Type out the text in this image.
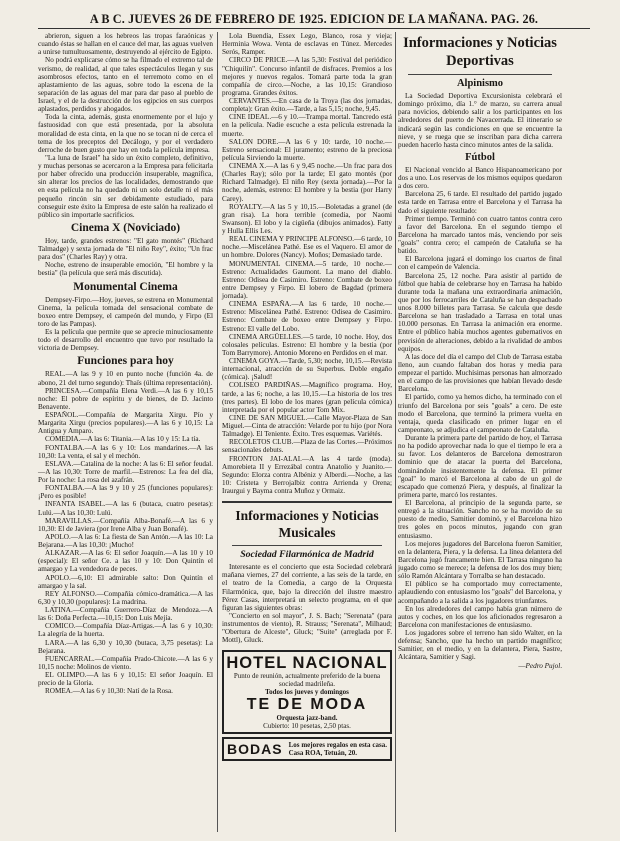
A B C. JUEVES 26 DE FEBRERO DE 1925. EDICION DE LA MAÑANA. PAG. 26.

abrieron, siguen a los hebreos las tropas faraónicas y cuando éstas se hallan en el cauce del mar, las aguas vuelven a unirse tumultuosamente, destruyendo al ejército de Egipto.

No podrá explicarse cómo se ha filmado el extremo tal de verismo, de realidad, al que tales espectáculos llegan y sus asombrosos efectos, tanto en el terremoto como en el aplastamiento de las aguas, sobre todo la escena de la separación de las aguas del mar para dar paso al pueblo de Israel, y el de la destrucción de los egipcios en sus cuerpos aplastados, perdidos y ahogados.

Toda la cinta, además, gusta enormemente por el lujo y fastuosidad con que está presentada, por la absoluta moralidad de esta cinta, en la que no se tocan ni de cerca el tema de los preceptos del Decálogo, y por el verdadero derroche de buen gusto que hay en toda la película impresa.

"La luna de Israel" ha sido un éxito completo, definitivo, y muchas personas se acercaron a la Empresa para felicitarla por haber ofrecido una producción insuperable, magnífica, sin alterar los precios de las localidades, demostrando que en esta película no ha quedado ni un solo detalle ni el más pequeño rincón sin ser debidamente estudiado, para conseguir este éxito la Empresa de este salón ha realizado el público sin importarle sacrificios.

Cinema X (Noviciado)

Hoy, tarde, grandes estrenos: "El gato montés" (Richard Talmadge) y sexta jornada de "El niño Rey", éxito; "Un frac para dos" (Charles Ray) y otra.

Noche, estreno de insuperable emoción, "El hombre y la bestia" (la película que será más discutida).

Monumental Cinema

Dempsey-Firpo.—Hoy, jueves, se estrena en Monumental Cinema, la película tomada del sensacional combate de boxeo entre Dempsey, el campeón del mundo, y Firpo (El toro de las Pampas).

Es la película que permite que se aprecie minuciosamente todo el desarrollo del encuentro que tuvo por resultado la victoria de Dempsey.

Funciones para hoy

REAL.—A las 9 y 10 en punto noche (función 4a. de abono, 21 del turno segundo): Thaïs (última representación).

PRINCESA.—Compañía Elena Verdi.—A las 6 y 10,15 noche: El pobre de espíritu y de bienes, de D. Jacinto Benavente.

ESPAÑOL.—Compañía de Margarita Xirgu. Pío y Margarita Xirgu (precios populares).—A las 6 y 10,15: La Antigua y Amparo.

COMEDIA.—A las 6: Titania.—A las 10 y 15: La tía.

FONTALBA.—A las 6 y 10: Los mandarines.—A las 10,30: La venta, el sal y el mechón.

ESLAVA.—Catalina de la noche: A las 6: El señor feudal.—A las 10,30: Torre de marfil.—Estrenos: La fea del día, Por la noche: La rosa del azafrán.

FONTALBA.—A las 9 y 10 y 25 (funciones populares): ¡Pero es posible!

INFANTA ISABEL.—A las 6 (butaca, cuatro pesetas): Lulú.—A las 10,30: Lulú.

MARAVILLAS.—Compañía Alba-Bonafé.—A las 6 y 10,30: El de Javiera (por Irene Alba y Juan Bonafé).

APOLO.—A las 6: La fiesta de San Antón.—A las 10: La Bejarana.—A las 10,30: ¡Mucho!

ALKAZAR.—A las 6: El señor Joaquín.—A las 10 y 10 (especial): El señor Ce. a las 10 y 10: Don Quintín el amargao y La vendedora de peces.

APOLO.—6,10: El admirable salto: Don Quintín el amargao y la sal.

REY ALFONSO.—Compañía cómico-dramática.—A las 6,30 y 10,30 (populares): La madrina.

LATINA.—Compañía Guerrero-Díaz de Mendoza.—A las 6: Doña Perfecta.—10,15: Don Luis Mejía.

COMICO.—Compañía Díaz-Artigas.—A las 6 y 10,30: La alegría de la huerta.

LARA.—A las 6,30 y 10,30 (butaca, 3,75 pesetas): La Bejarana.

FUENCARRAL.—Compañía Prado-Chicote.—A las 6 y 10,15 noche: Molinos de viento.

EL OLIMPO.—A las 6 y 10,15: El señor Joaquín. El precio de la Gloria.

ROMEA.—A las 6 y 10,30: Natí de la Rosa.

Lola Buendía, Essex Lego, Blanco, rosa y vieja; Herminia Wowa. Venta de esclavas en Túnez. Mercedes Serós, Ramper.

CIRCO DE PRICE.—A las 5,30: Festival del periódico "Chiquilín". Concurso infantil de disfraces. Premios a los mejores y nuevos regalos. Tomará parte toda la gran compañía de circo.—Noche, a las 10,15: Grandioso programa. Grandes éxitos.

CERVANTES.—En casa de la Troya (las dos jornadas, completa): Gran éxito.—Tarde, a las 5,15; noche, 9,45.

CINE IDEAL.—6 y 10.—Trampa mortal. Tancredo está en la película. Nadie escuche a esta película estrenada la muerte.

SALON DORE.—A las 6 y 10: tarde, 10 noche.—Estreno sensacional: El juramento; estreno de la preciosa película Sirviendo la muerte.

CINEMA X.—A las 6 y 9,45 noche.—Un frac para dos (Charles Ray); sólo por la tarde; El gato montés (por Richard Talmadge). El niño Rey (sexta jornada).—Por la noche, además, estreno: El hombre y la bestia (por Harry Carey).

ROYALTY.—A las 5 y 10,15.—Boletadas a granel (de gran risa). La hora terrible (comedia, por Naomi Swanson). El lobo y la cigüeña (dibujos animados). Fatty y Hulla Ellis Les.

REAL CINEMA Y PRINCIPE ALFONSO.—6 tarde, 10 noche.—Miscelánea Pathé. Ese es el Vaquero. El amor de un hombre. Dolores (Nancy). Moños; Demasiado tarde.

MONUMENTAL CINEMA.—5 tarde, 10 noche.—Estreno: Actualidades Gaumont. La mano del diablo. Estreno: Odisea de Casimiro. Estreno: Combate de boxeo entre Dempsey y Firpo. El lobero de Bagdad (primera jornada).

CINEMA ESPAÑA.—A las 6 tarde, 10 noche.—Estreno: Miscelánea Pathé. Estreno: Odisea de Casimiro. Estreno: Combate de boxeo entre Dempsey y Firpo. Estreno: El valle del Lobo.

CINEMA ARGÜELLES.—5 tarde, 10 noche. Hoy, dos colosales películas. Estreno: El hombre y la bestia (por Tom Barrymore). Antonio Moreno en Perdidos en el mar.

CINEMA GOYA.—Tarde, 5,30; noche, 10,15.—Revista internacional, atracción de su Superbus. Doble engaño (cómica). ¡Salud!

COLISEO PARDIÑAS.—Magnífico programa. Hoy, tarde, a las 6; noche, a las 10,15.—La historia de los tres (tres partes). El lobo de los mares (gran película cómica) interpretada por el popular actor Tom Mix.

CINE DE SAN MIGUEL.—Calle Mayor-Plaza de San Miguel.—Cinta de atracción: Velarde por tu hijo (por Nora Talmadge). El Teniente. Éxito. Tres esquemas. Variétés.

RECOLETOS CLUB.—Plaza de las Cortes.—Próximos sensacionales debuts.

FRONTON JAI-ALAI.—A las 4 tarde (moda). Amorebieta II y Errezábal contra Anatolio y Juanito.—Segundo: Elorza contra Albéniz y Alberdi.—Noche, a las 10: Cristeta y Berrojalbiz contra Arrienda y Orena; Iraurgui y Bayma contra Muñoz y Ormaiz.

Informaciones y Noticias Musicales
Sociedad Filarmónica de Madrid

Interesante es el concierto que esta Sociedad celebrará mañana viernes, 27 del corriente, a las seis de la tarde, en el teatro de la Comedia, a cargo de la Orquesta Filarmónica, que, bajo la dirección del ilustre maestro Pérez Casas, interpretará un selecto programa, en el que figuran las siguientes obras:

"Concierto en sol mayor", J. S. Bach; "Serenata" (para instrumentos de viento), R. Strauss; "Serenata", Milhaud; "Obertura de Alceste", Gluck; "Suite" (arreglada por F. Mottl), Gluck.

HOTEL NACIONAL
Punto de reunión, actualmente preferido de la buena sociedad madrileña.
Todos los jueves y domingos
TE DE MODA
Orquesta jazz-band.
Cubierto: 10 pesetas, 2,50 ptas.
BODAS Los mejores regalos en esta casa. Casa ROA, Tetuán, 20.
Informaciones y Noticias Deportivas
Alpinismo

La Sociedad Deportiva Excursionista celebrará el domingo próximo, día 1.° de marzo, su carrera anual para novicios, debiendo salir a los participantes en los alrededores del puerto de Navacerrada. El itinerario se indicará según las condiciones en que se encuentre la nieve, y se ruega que se inscriban para dicha carrera pueden hacerlo hasta cinco minutos antes de la salida.

Fútbol

El Nacional vencido al Banco Hispanoamericano por dos a uno. Los reservas de los mismos equipos quedaron a dos cero.

Barcelona 25, 6 tarde. El resultado del partido jugado esta tarde en Tarrasa entre el Barcelona y el Tarrasa ha dado el siguiente resultado:

Primer tiempo. Terminó con cuatro tantos contra cero a favor del Barcelona. En el segundo tiempo el Barcelona ha marcado tantos más, venciendo por seis "goals" contra cero; el campeón de Cataluña se ha batido.

El Barcelona jugará el domingo los cuartos de final con el campeón de Valencia.

Barcelona 25, 12 noche. Para asistir al partido de fútbol que había de celebrarse hoy en Tarrasa ha habido durante toda la mañana una extraordinaria animación, que por los ferrocarriles de Cataluña se han despachado unos 8.000 billetes para Tarrasa. Se calcula que desde Barcelona se han trasladado a Tarrasa en total unas 10.000 personas. En Tarrasa la animación era enorme. Entre el público había muchos agentes gubernativos en previsión de alteraciones, debido a la rivalidad de ambos equipos.

A las doce del día el campo del Club de Tarrasa estaba lleno, aun cuando faltaban dos horas y media para empezar el partido. Muchísimas personas han almorzado en el campo de las provisiones que habían llevado desde Barcelona.

El partido, como ya hemos dicho, ha terminado con el triunfo del Barcelona por seis "goals" a cero. De este modo el Barcelona, que terminó la primera vuelta en ventaja, queda clasificado en primer lugar en el campeonato, se adjudica el campeonato de Cataluña.

Durante la primera parte del partido de hoy, el Tarrasa no ha podido aprovechar nada lo que el tiempo le era a su favor. Los delanteros de Barcelona demostraron dominio que de atacar la puerta del Barcelona, dominándole insistentemente la defensa. El primer "goal" lo marcó el Barcelona al cabo de un gol de escapado que comenzó Piera, y después, al finalizar la primera parte, marcó los restantes.

El Barcelona, al principio de la segunda parte, se entregó a la situación. Sancho no se ha movido de su puesto de medio, Samitier dominó, y el Barcelona hizo tres goles en pocos minutos, jugando con gran entusiasmo.

Los mejores jugadores del Barcelona fueron Samitier, en la delantera, Piera, y la defensa. La línea delantera del Barcelona jugó francamente bien. El Tarrasa ninguno ha jugado como se merece; la defensa de los dos muy bien; sólo Ramón Alcántara y Torralba se han destacado.

El público se ha comportado muy correctamente, aplaudiendo con entusiasmo los "goals" del Barcelona, y acompañando a la salida a los jugadores triunfantes.

En los alrededores del campo había gran número de autos y coches, en los que los aficionados regresaron a Barcelona con manifestaciones de entusiasmo.

Los jugadores sobre el terreno han sido Walter, en la defensa; Sancho, que ha hecho un partido magnífico; Samitier, en el medio, y en la delantera, Piera, Sastre, Alcántara, Samitier y Sagi.

—Pedro Pujol.
